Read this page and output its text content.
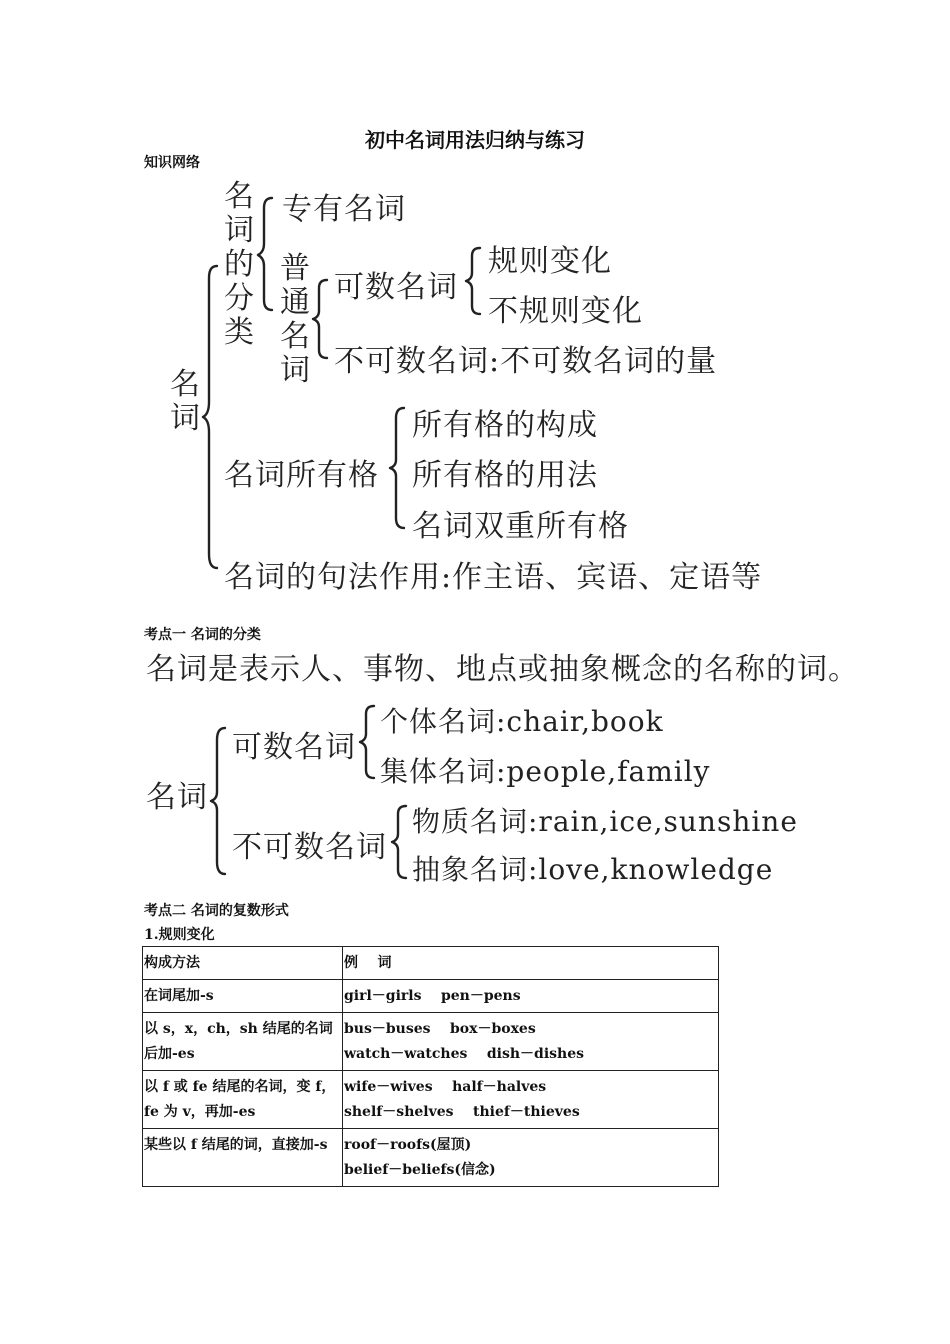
初中名词用法归纳与练习
知识网络
名词
名词的分类
专有名词
普通名词
可数名词
规则变化
不规则变化
不可数名词:不可数名词的量
名词所有格
所有格的构成
所有格的用法
名词双重所有格
名词的句法作用:作主语、宾语、定语等
考点一 名词的分类
名词是表示人、事物、地点或抽象概念的名称的词。
名词
可数名词
个体名词:chair,book
集体名词:people,family
不可数名词
物质名词:rain,ice,sunshine
抽象名词:love,knowledge
考点二 名词的复数形式
1.规则变化
构成方法	例    词

在词尾加-s	girl－girls    pen－pens

以 s，x，ch，sh 结尾的名词后加-es	bus－buses    box－boxes
watch－watches    dish－dishes

以 f 或 fe 结尾的名词，变 f，fe 为 v，再加-es	wife－wives    half－halves
shelf－shelves    thief－thieves

某些以 f 结尾的词，直接加-s	roof－roofs(屋顶)
belief－beliefs(信念)
